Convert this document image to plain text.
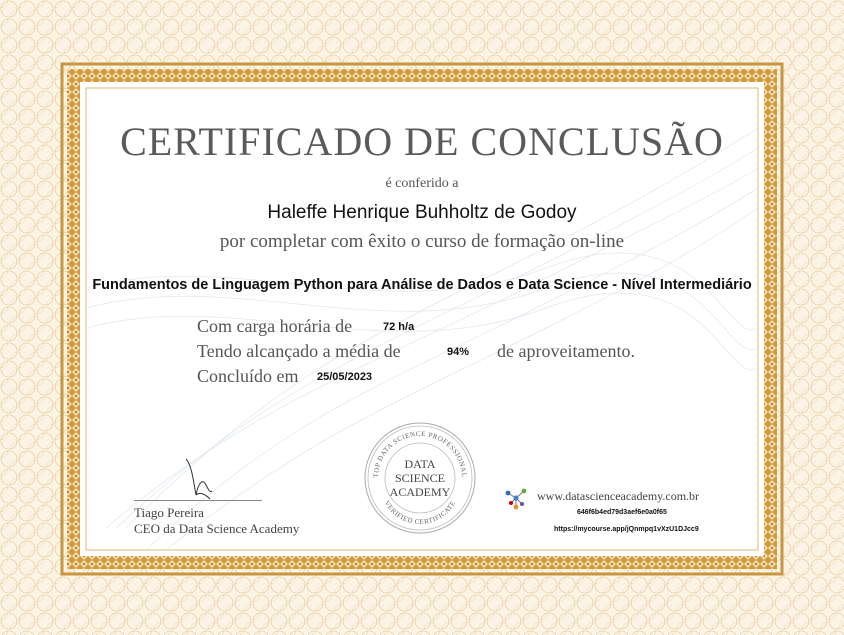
CERTIFICADO DE CONCLUSÃO
é conferido a
Haleffe Henrique Buhholtz de Godoy
por completar com êxito o curso de formação on-line
Fundamentos de Linguagem Python para Análise de Dados e Data Science - Nível Intermediário
Com carga horária de	72 h/a
Tendo alcançado a média de	94% de aproveitamento.
Concluído em 25/05/2023
Tiago Pereira
CEO da Data Science Academy
TOP DATA SCIENCE PROFESSIONAL
VERIFIED CERTIFICATE
DATA
SCIENCE
ACADEMY	www.datascienceacademy.com.br
646f6b4ed79d3aef6e0a0f65
https://mycourse.app/jQnmpq1vXzU1DJcc9
